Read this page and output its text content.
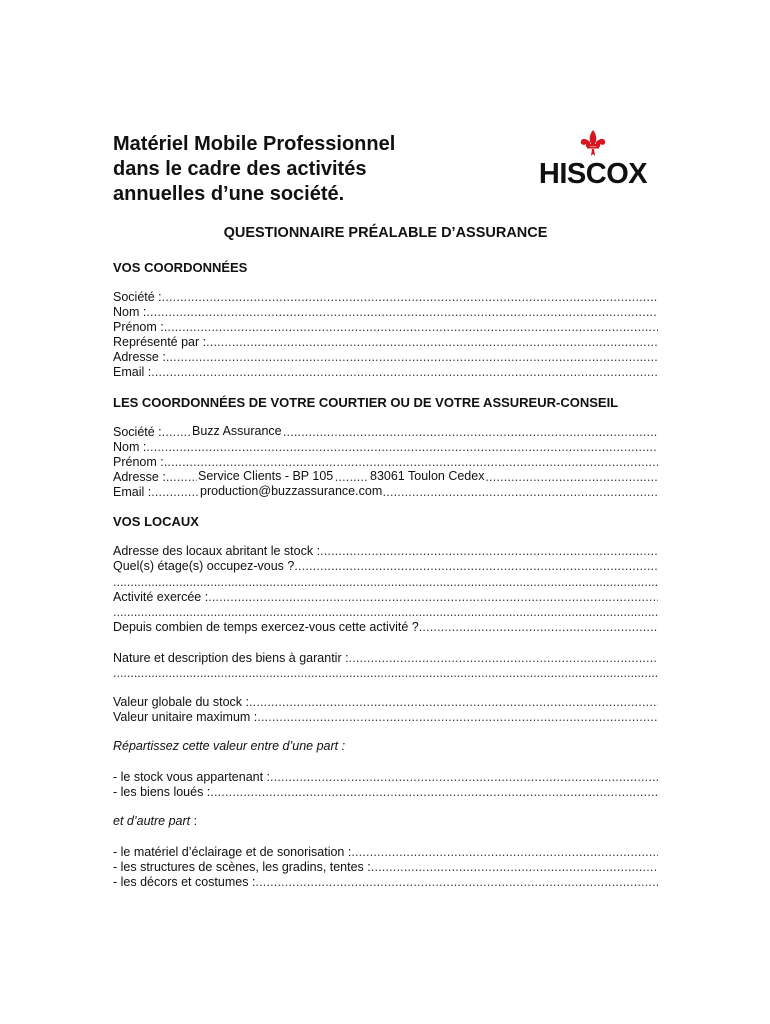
Matériel Mobile Professionnel
dans le cadre des activités
annuelles d’une société.
HISCOX
QUESTIONNAIRE PRÉALABLE D’ASSURANCE
VOS COORDONNÉES
Société :
.....
Nom :
.....
Prénom :
.....
Représenté par :
.....
Adresse :
.....
Email :
.....
LES COORDONNÉES DE VOTRE COURTIER OU DE VOTRE ASSUREUR-CONSEIL
Société : ..... Buzz Assurance
Nom :
.....
Prénom :
.....
Adresse : .....	Service Clients - BP 105	83061 Toulon Cedex
Email : .....	production@buzzassurance.com
VOS LOCAUX
Adresse des locaux abritant le stock :
.....
Quel(s) étage(s) occupez-vous ?
.....
.....
Activité exercée :
.....
.....
Depuis combien de temps exercez-vous cette activité ?
.....
Nature et description des biens à garantir :
.....
.....
Valeur globale du stock :
.....
Valeur unitaire maximum :
.....

Répartissez cette valeur entre d’une part :

- le stock vous appartenant :
.....
- les biens loués :
.....

et d’autre part :

- le matériel d’éclairage et de sonorisation :
.....
- les structures de scènes, les gradins, tentes :
.....
- les décors et costumes :
.....
